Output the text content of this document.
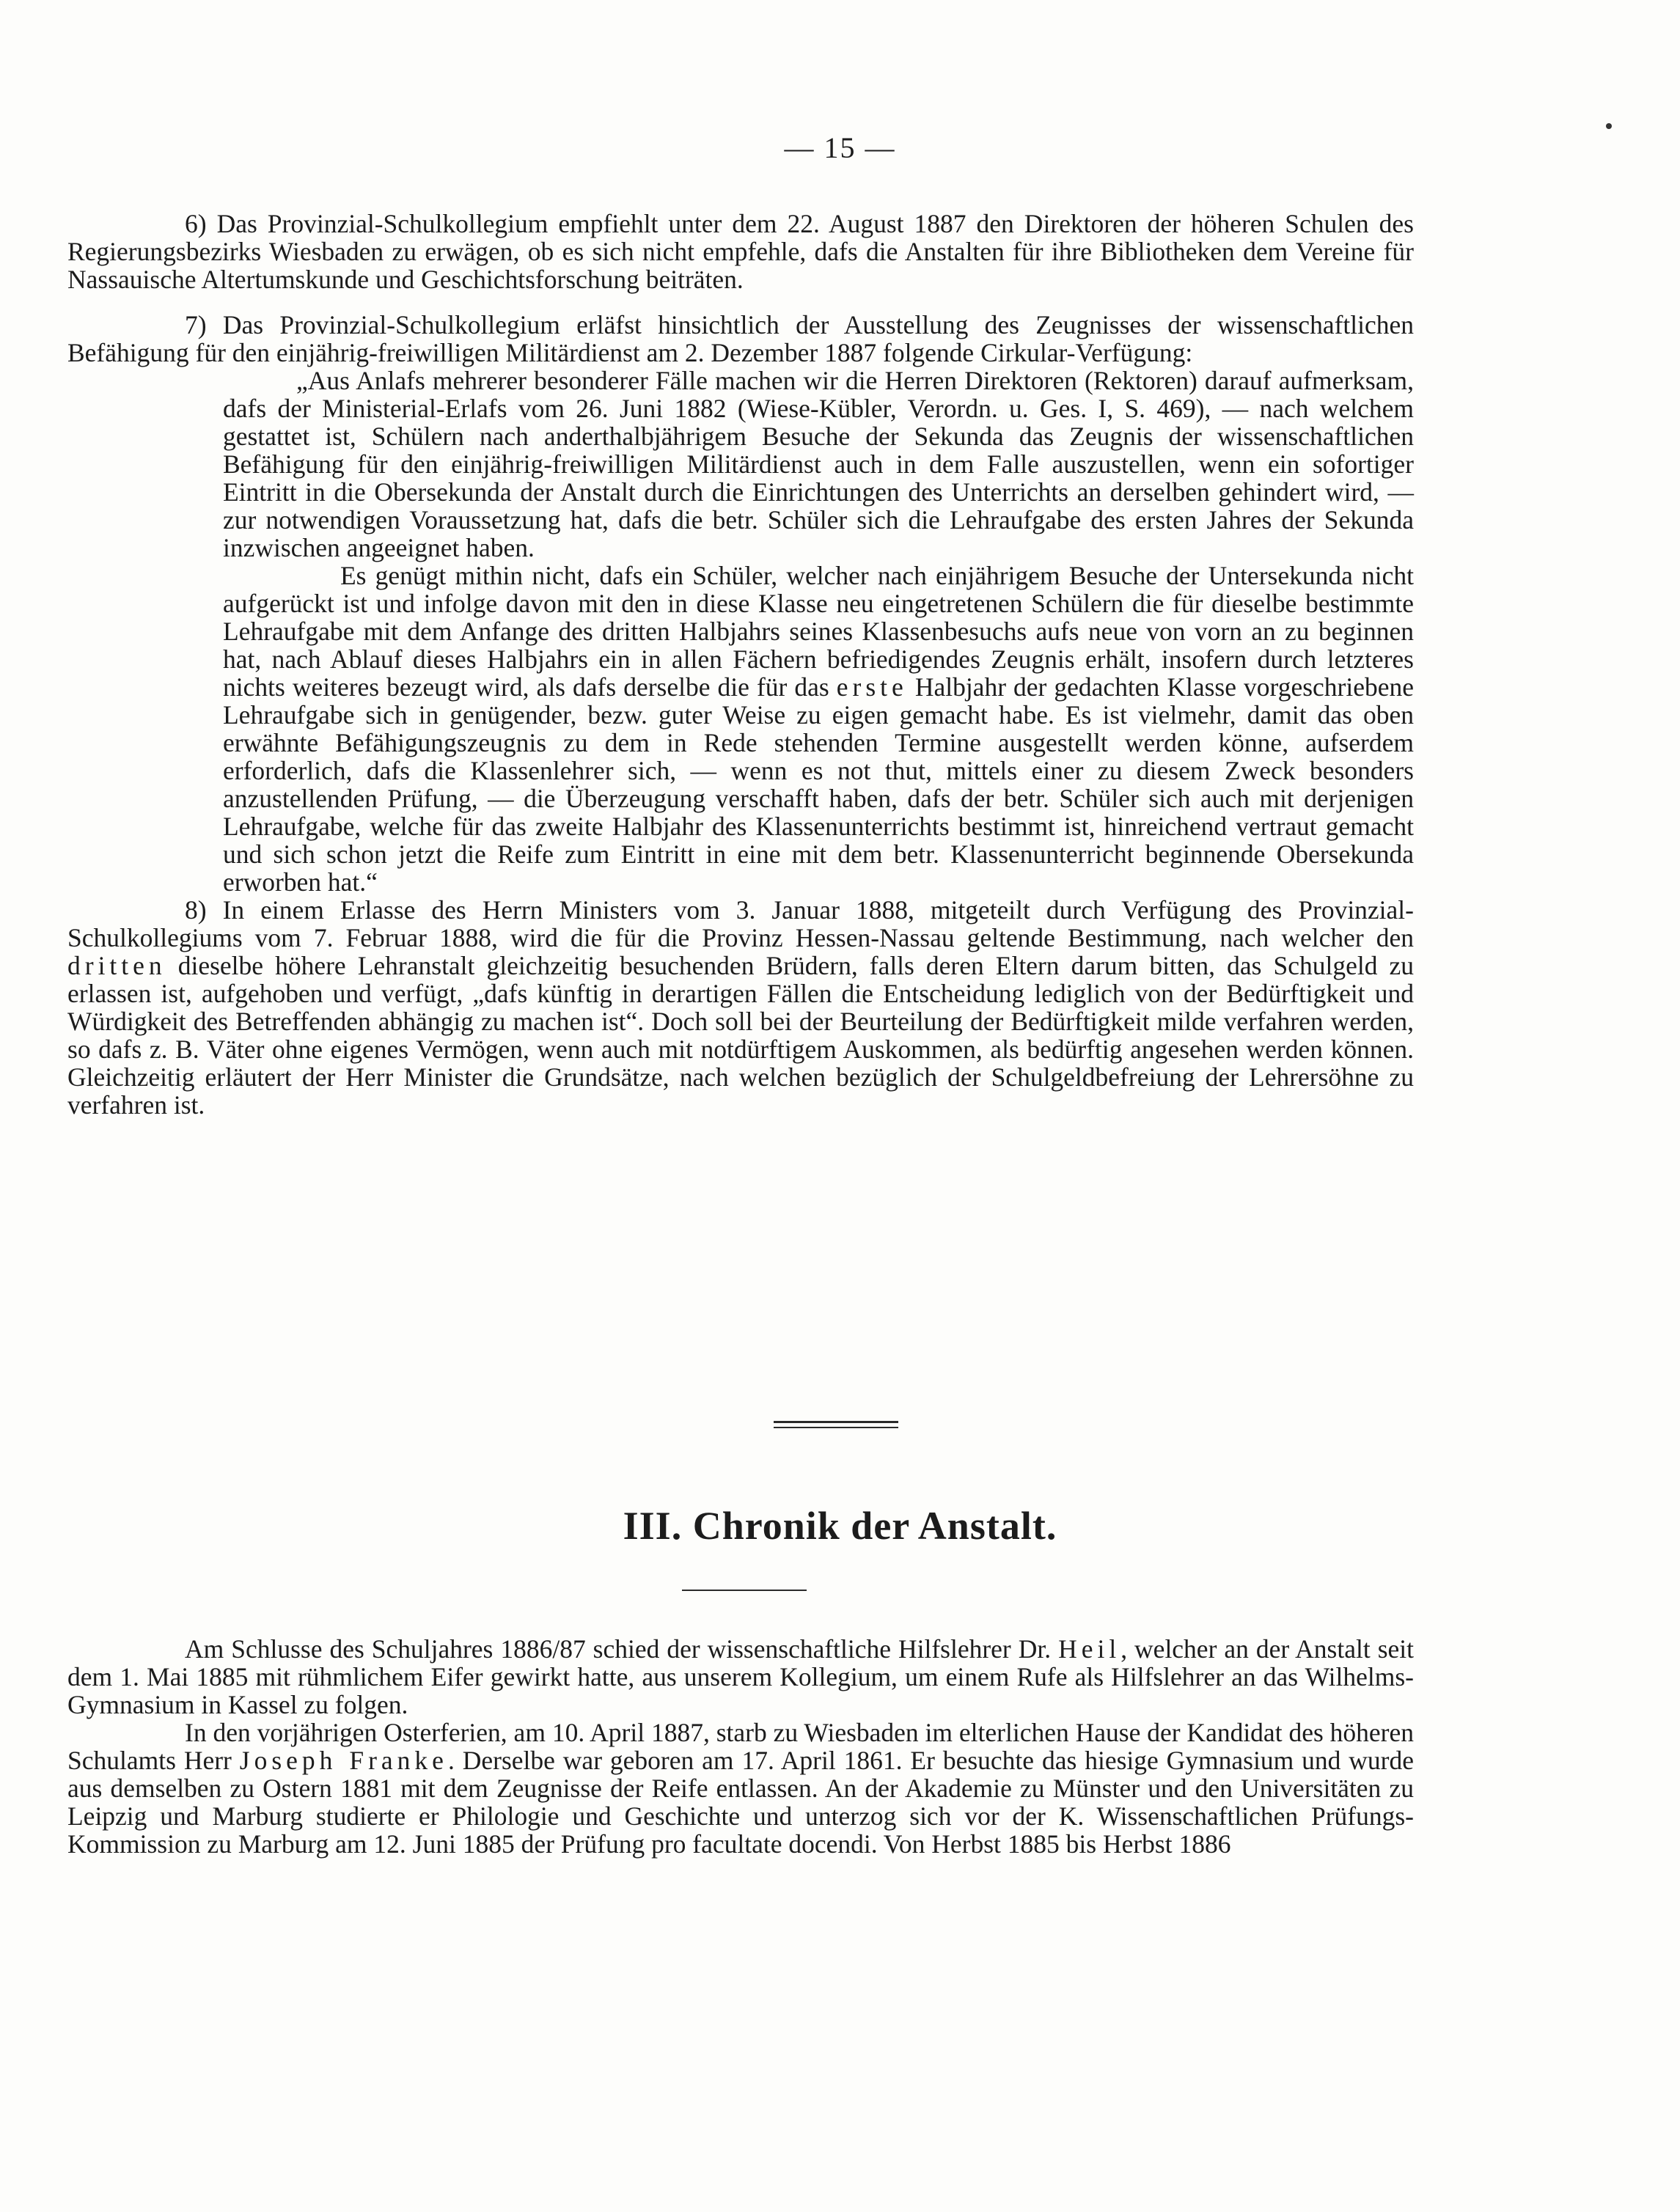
— 15 —

6) Das Provinzial-Schulkollegium empfiehlt unter dem 22. August 1887 den Direktoren der höheren Schulen des Regierungsbezirks Wiesbaden zu erwägen, ob es sich nicht empfehle, dafs die Anstalten für ihre Bibliotheken dem Vereine für Nassauische Altertumskunde und Geschichtsforschung beiträten.

7) Das Provinzial-Schulkollegium erläfst hinsichtlich der Ausstellung des Zeugnisses der wissenschaftlichen Befähigung für den einjährig-freiwilligen Militärdienst am 2. Dezember 1887 folgende Cirkular-Verfügung:

„Aus Anlafs mehrerer besonderer Fälle machen wir die Herren Direktoren (Rektoren) darauf aufmerksam, dafs der Ministerial-Erlafs vom 26. Juni 1882 (Wiese-Kübler, Verordn. u. Ges. I, S. 469), — nach welchem gestattet ist, Schülern nach anderthalbjährigem Besuche der Sekunda das Zeugnis der wissenschaftlichen Befähigung für den einjährig-freiwilligen Militärdienst auch in dem Falle auszustellen, wenn ein sofortiger Eintritt in die Obersekunda der Anstalt durch die Einrichtungen des Unterrichts an derselben gehindert wird, — zur notwendigen Voraussetzung hat, dafs die betr. Schüler sich die Lehraufgabe des ersten Jahres der Sekunda inzwischen angeeignet haben.

Es genügt mithin nicht, dafs ein Schüler, welcher nach einjährigem Besuche der Untersekunda nicht aufgerückt ist und infolge davon mit den in diese Klasse neu eingetretenen Schülern die für dieselbe bestimmte Lehraufgabe mit dem Anfange des dritten Halbjahrs seines Klassenbesuchs aufs neue von vorn an zu beginnen hat, nach Ablauf dieses Halbjahrs ein in allen Fächern befriedigendes Zeugnis erhält, insofern durch letzteres nichts weiteres bezeugt wird, als dafs derselbe die für das erste Halbjahr der gedachten Klasse vorgeschriebene Lehraufgabe sich in genügender, bezw. guter Weise zu eigen gemacht habe. Es ist vielmehr, damit das oben erwähnte Befähigungszeugnis zu dem in Rede stehenden Termine ausgestellt werden könne, aufserdem erforderlich, dafs die Klassenlehrer sich, — wenn es not thut, mittels einer zu diesem Zweck besonders anzustellenden Prüfung, — die Überzeugung verschafft haben, dafs der betr. Schüler sich auch mit derjenigen Lehraufgabe, welche für das zweite Halbjahr des Klassenunterrichts bestimmt ist, hinreichend vertraut gemacht und sich schon jetzt die Reife zum Eintritt in eine mit dem betr. Klassenunterricht beginnende Obersekunda erworben hat.“

8) In einem Erlasse des Herrn Ministers vom 3. Januar 1888, mitgeteilt durch Verfügung des Provinzial-Schulkollegiums vom 7. Februar 1888, wird die für die Provinz Hessen-Nassau geltende Bestimmung, nach welcher den dritten dieselbe höhere Lehranstalt gleichzeitig besuchenden Brüdern, falls deren Eltern darum bitten, das Schulgeld zu erlassen ist, aufgehoben und verfügt, „dafs künftig in derartigen Fällen die Entscheidung lediglich von der Bedürftigkeit und Würdigkeit des Betreffenden abhängig zu machen ist“. Doch soll bei der Beurteilung der Bedürftigkeit milde verfahren werden, so dafs z. B. Väter ohne eigenes Vermögen, wenn auch mit notdürftigem Auskommen, als bedürftig angesehen werden können. Gleichzeitig erläutert der Herr Minister die Grundsätze, nach welchen bezüglich der Schulgeldbefreiung der Lehrersöhne zu verfahren ist.

III. Chronik der Anstalt.

Am Schlusse des Schuljahres 1886/87 schied der wissenschaftliche Hilfslehrer Dr. Heil, welcher an der Anstalt seit dem 1. Mai 1885 mit rühmlichem Eifer gewirkt hatte, aus unserem Kollegium, um einem Rufe als Hilfslehrer an das Wilhelms-Gymnasium in Kassel zu folgen.

In den vorjährigen Osterferien, am 10. April 1887, starb zu Wiesbaden im elterlichen Hause der Kandidat des höheren Schulamts Herr Joseph Franke. Derselbe war geboren am 17. April 1861. Er besuchte das hiesige Gymnasium und wurde aus demselben zu Ostern 1881 mit dem Zeugnisse der Reife entlassen. An der Akademie zu Münster und den Universitäten zu Leipzig und Marburg studierte er Philologie und Geschichte und unterzog sich vor der K. Wissenschaftlichen Prüfungs-Kommission zu Marburg am 12. Juni 1885 der Prüfung pro facultate docendi. Von Herbst 1885 bis Herbst 1886
